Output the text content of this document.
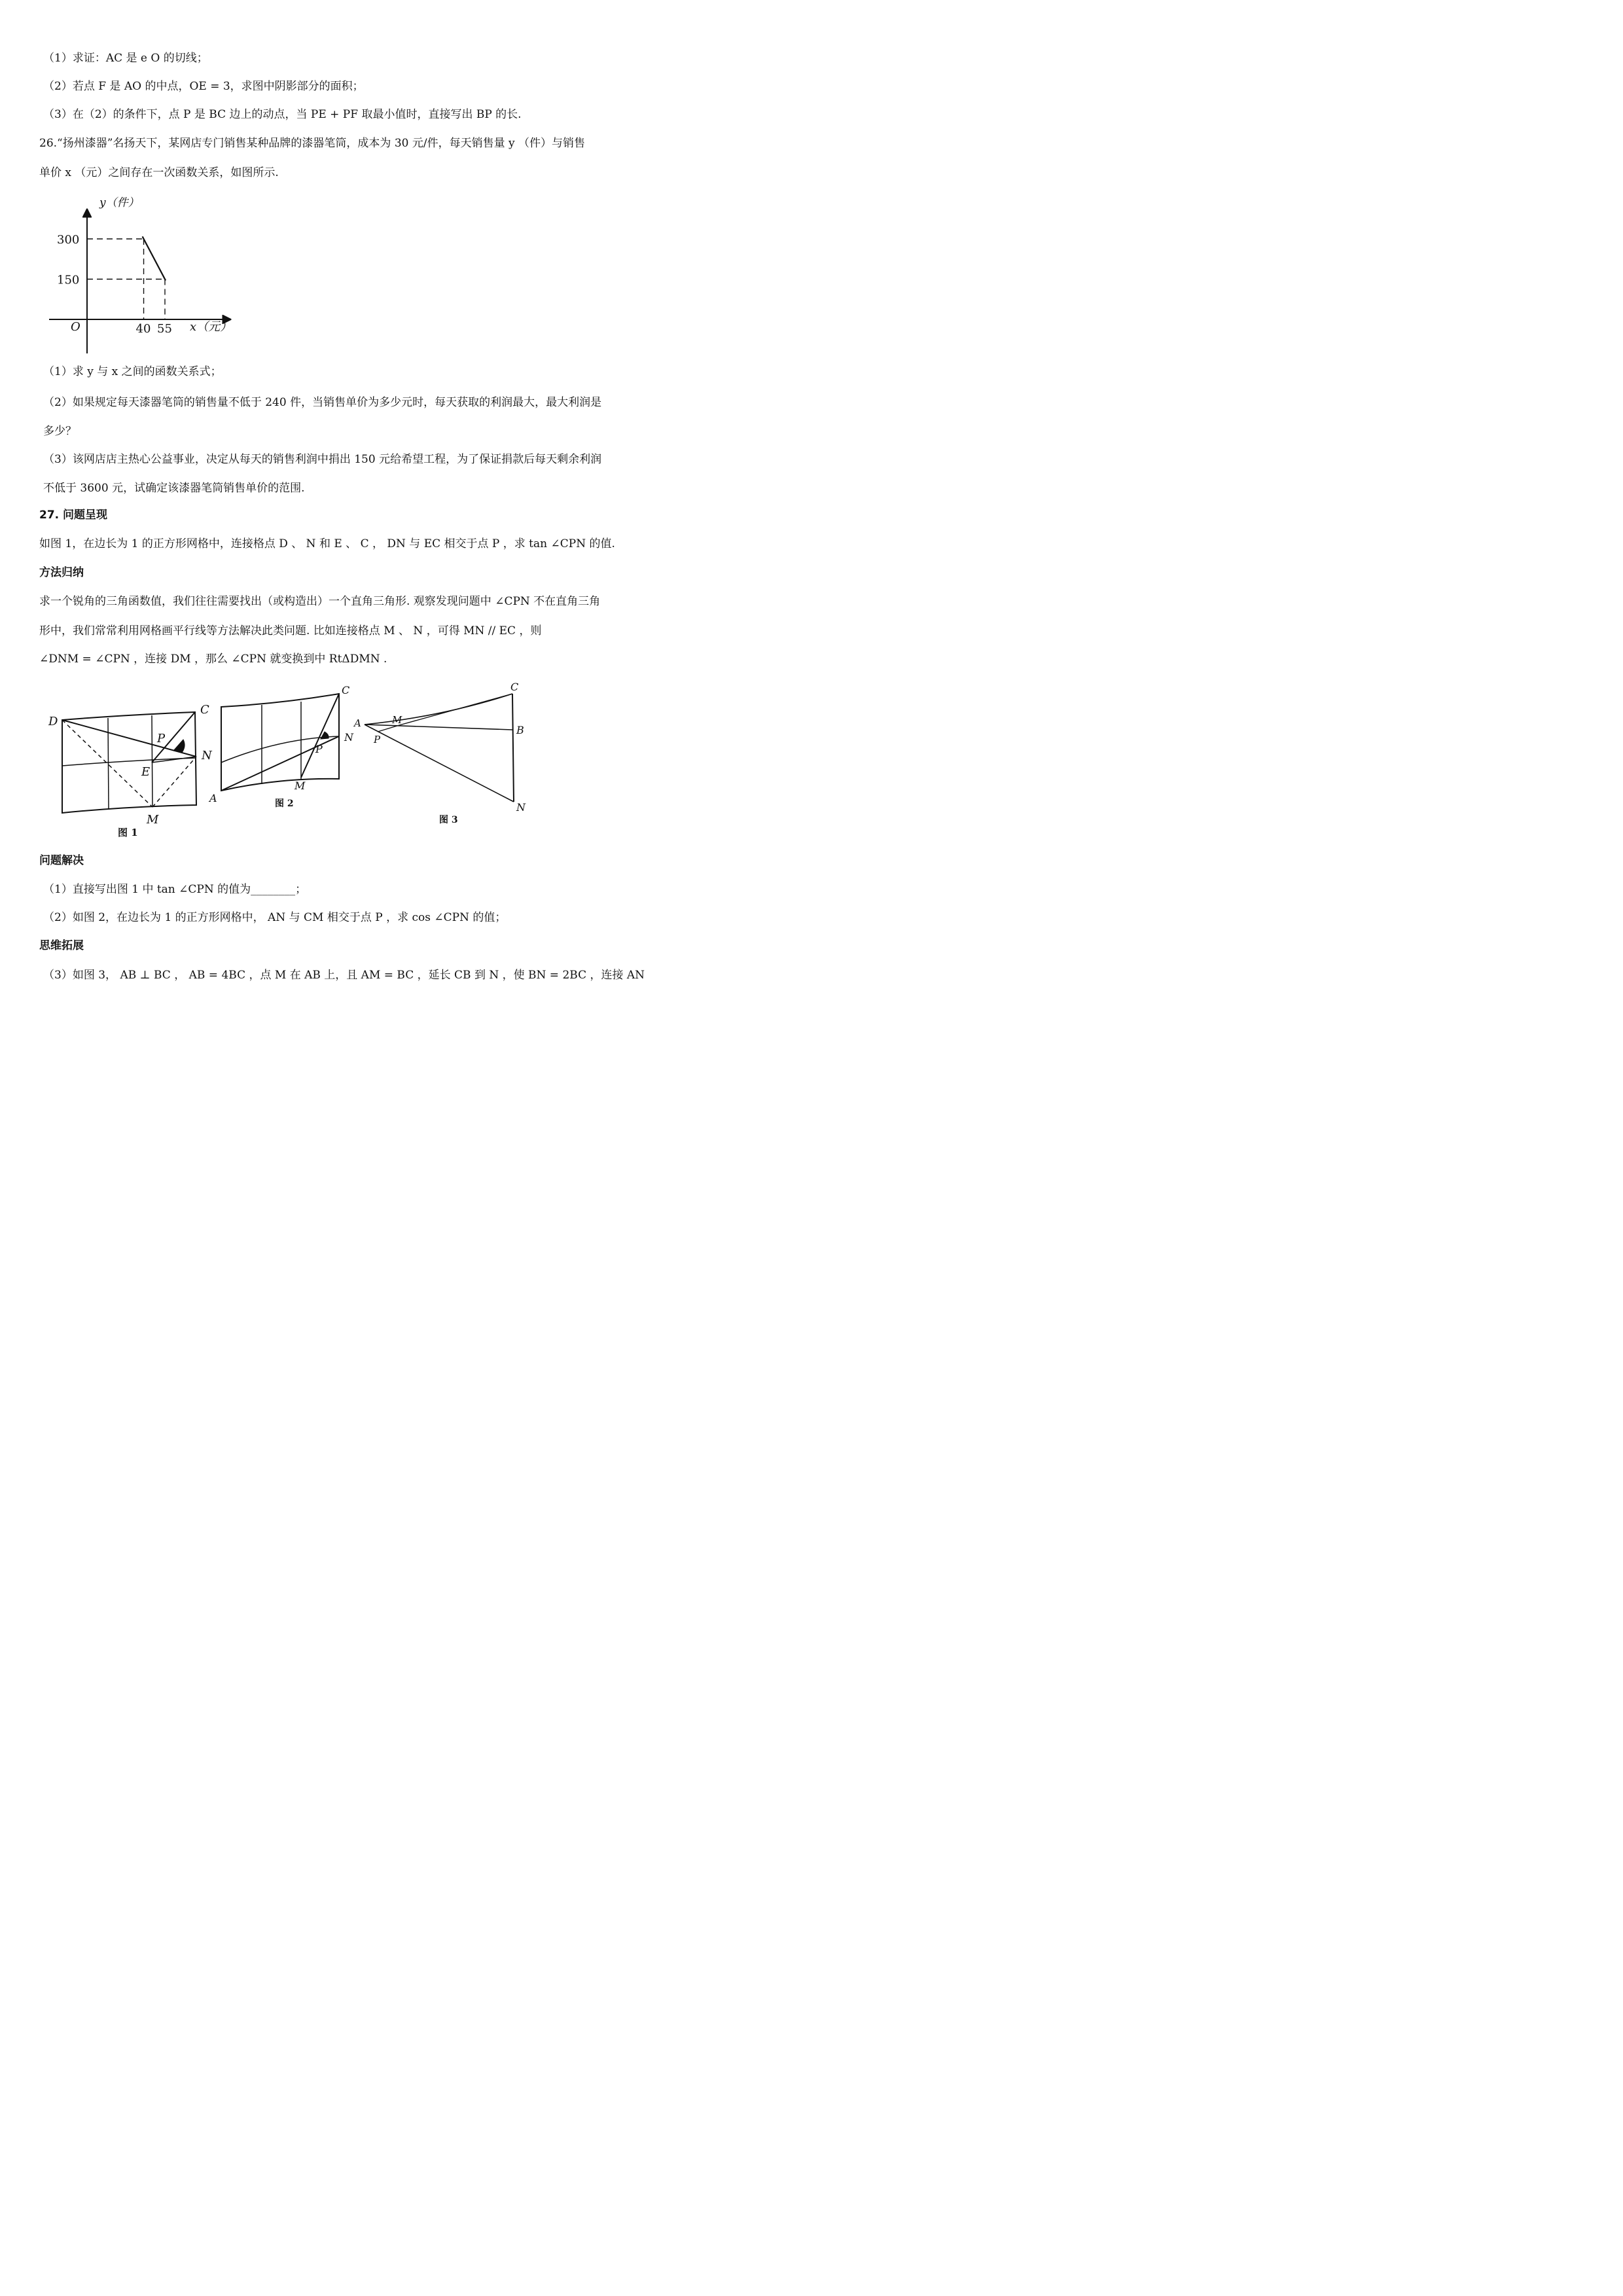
（1）求证：AC 是 e O 的切线；
（2）若点 F 是 AO 的中点，OE = 3，求图中阴影部分的面积；
（3）在（2）的条件下，点 P 是 BC 边上的动点，当 PE + PF 取最小值时，直接写出 BP 的长.
26.“扬州漆器”名扬天下，某网店专门销售某种品牌的漆器笔筒，成本为 30 元/件，每天销售量 y （件）与销售
单价 x （元）之间存在一次函数关系，如图所示.
y（件）
x（元）
O
300
150
40 55
（1）求 y 与 x 之间的函数关系式；
（2）如果规定每天漆器笔筒的销售量不低于 240 件，当销售单价为多少元时，每天获取的利润最大，最大利润是
多少？
（3）该网店店主热心公益事业，决定从每天的销售利润中捐出 150 元给希望工程，为了保证捐款后每天剩余利润
不低于 3600 元，试确定该漆器笔筒销售单价的范围.
27. 问题呈现
如图 1，在边长为 1 的正方形网格中，连接格点 D 、 N 和 E 、 C ， DN 与 EC 相交于点 P ，求 tan ∠CPN 的值.
方法归纳
求一个锐角的三角函数值，我们往往需要找出（或构造出）一个直角三角形. 观察发现问题中 ∠CPN 不在直角三角
形中，我们常常利用网格画平行线等方法解决此类问题. 比如连接格点 M 、 N ，可得 MN // EC ，则
∠DNM = ∠CPN ，连接 DM ，那么 ∠CPN 就变换到中 RtΔDMN .
D
C
P
N
E
M
图 1
C
P
N
A
M
图 2
C
A	M
P
B
N
图 3
问题解决
（1）直接写出图 1 中 tan ∠CPN 的值为________；
（2）如图 2，在边长为 1 的正方形网格中， AN 与 CM 相交于点 P ，求 cos ∠CPN 的值；
思维拓展
（3）如图 3， AB ⊥ BC ， AB = 4BC ，点 M 在 AB 上，且 AM = BC ，延长 CB 到 N ，使 BN = 2BC ，连接 AN
